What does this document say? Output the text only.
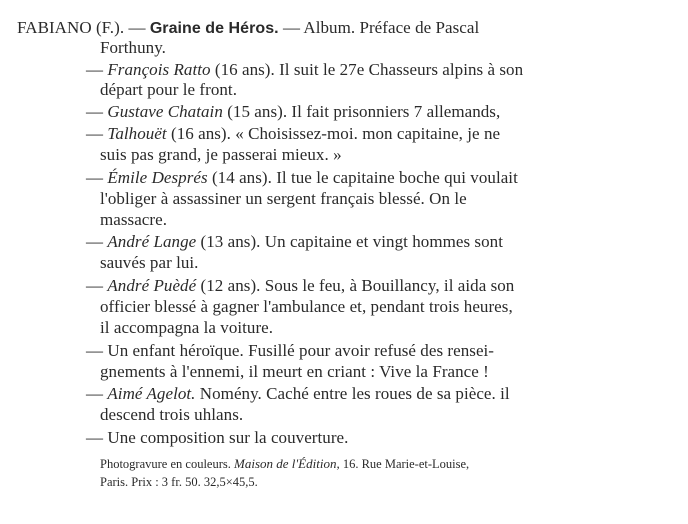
FABIANO (F.). — Graine de Héros. — Album. Préface de Pascal
Forthuny.
— François Ratto (16 ans). Il suit le 27e Chasseurs alpins à son
départ pour le front.
— Gustave Chatain (15 ans). Il fait prisonniers 7 allemands,
— Talhouët (16 ans). « Choisissez-moi. mon capitaine, je ne
suis pas grand, je passerai mieux. »
— Émile Després (14 ans). Il tue le capitaine boche qui voulait
l'obliger à assassiner un sergent français blessé. On le
massacre.
— André Lange (13 ans). Un capitaine et vingt hommes sont
sauvés par lui.
— André Puèdé (12 ans). Sous le feu, à Bouillancy, il aida son
officier blessé à gagner l'ambulance et, pendant trois heures,
il accompagna la voiture.
— Un enfant héroïque. Fusillé pour avoir refusé des rensei-
gnements à l'ennemi, il meurt en criant : Vive la France !
— Aimé Agelot. Nomény. Caché entre les roues de sa pièce. il
descend trois uhlans.
— Une composition sur la couverture.
Photogravure en couleurs. Maison de l'Édition, 16. Rue Marie-et-Louise,
Paris. Prix : 3 fr. 50. 32,5×45,5.
